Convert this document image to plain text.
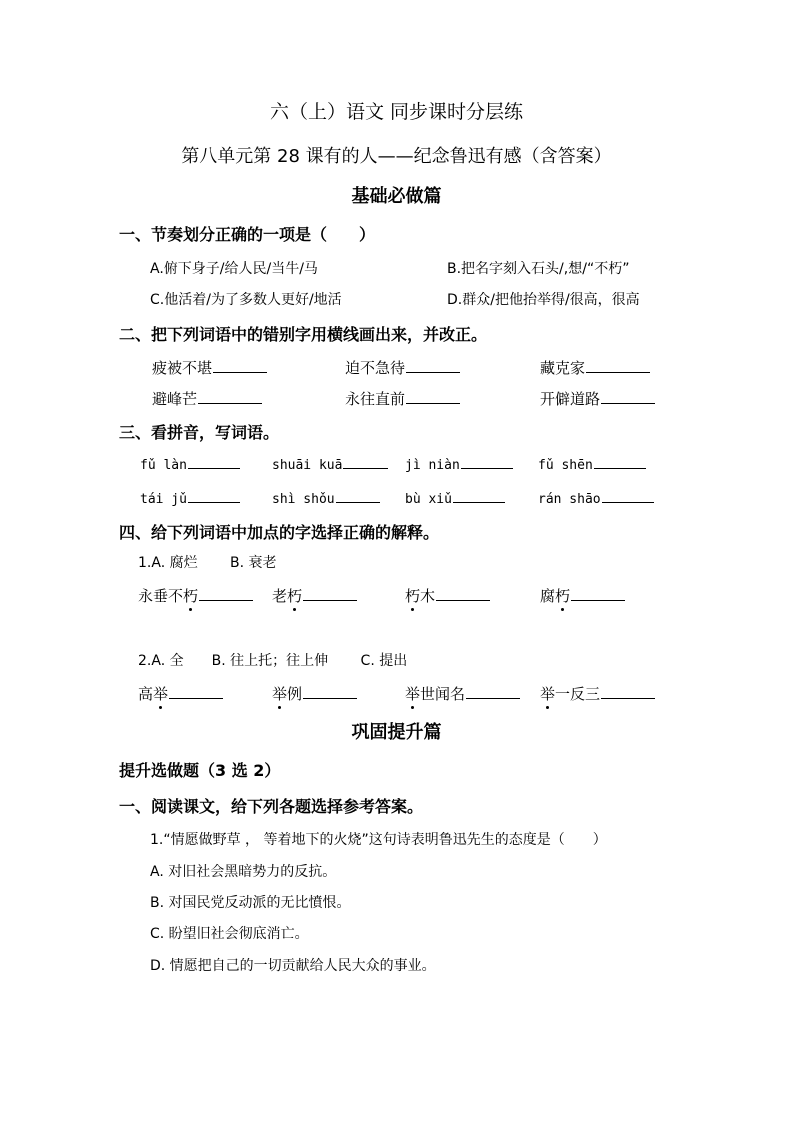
六（上）语文 同步课时分层练
第八单元第 28 课有的人——纪念鲁迅有感（含答案）
基础必做篇
一、节奏划分正确的一项是（　　）
A.俯下身子/给人民/当牛/马	B.把名字刻入石头/,想/“不朽”
C.他活着/为了多数人更好/地活	D.群众/把他抬举得/很高，很高
二、把下列词语中的错别字用横线画出来，并改正。
疲被不堪	迫不急待	藏克家
避峰芒	永往直前	开僻道路
三、看拼音，写词语。
fǔ làn	shuāi kuā	jì niàn	fǔ shēn
tái jǔ	shì shǒu	bù xiǔ	rán shāo
四、给下列词语中加点的字选择正确的解释。
1.A. 腐烂　　 B. 衰老
永垂不朽	老朽	朽木	腐朽
2.A. 全　　B. 往上托；往上伸　　 C. 提出
高举	举例	举世闻名	举一反三
巩固提升篇
提升选做题（3 选 2）
一、阅读课文，给下列各题选择参考答案。
1.“情愿做野草 ， 等着地下的火烧”这句诗表明鲁迅先生的态度是（　　）
A. 对旧社会黑暗势力的反抗。
B. 对国民党反动派的无比憤恨。
C. 盼望旧社会彻底消亡。
D. 情愿把自己的一切贡献给人民大众的事业。
